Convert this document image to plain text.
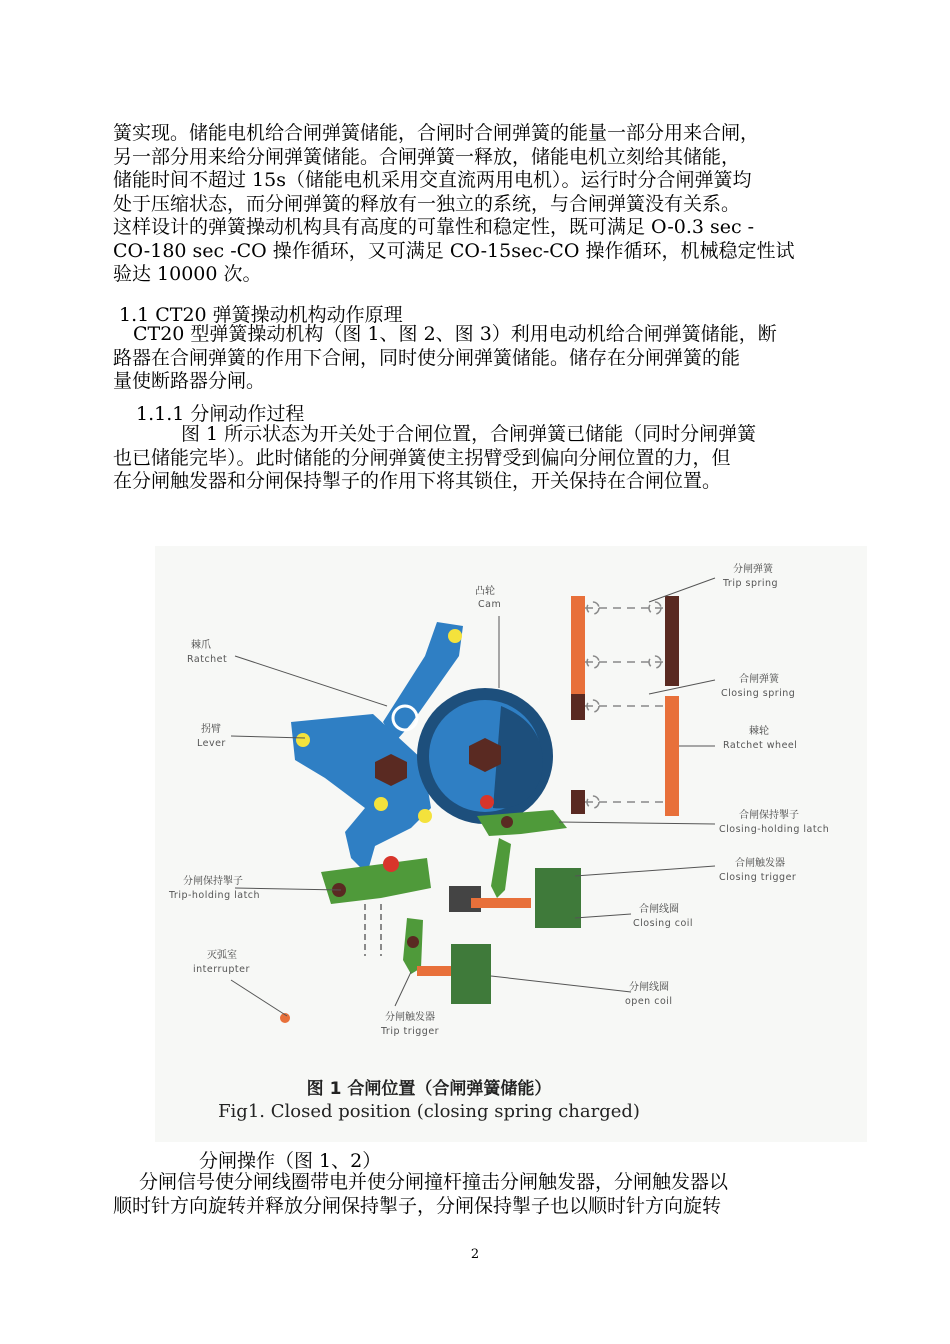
簧实现。储能电机给合闸弹簧储能，合闸时合闸弹簧的能量一部分用来合闸，

另一部分用来给分闸弹簧储能。合闸弹簧一释放，储能电机立刻给其储能，

储能时间不超过 15s（储能电机采用交直流两用电机）。运行时分合闸弹簧均

处于压缩状态，而分闸弹簧的释放有一独立的系统，与合闸弹簧没有关系。

这样设计的弹簧操动机构具有高度的可靠性和稳定性，既可满足 O-0.3 sec -

CO-180 sec -CO 操作循环，又可满足 CO-15sec-CO 操作循环，机械稳定性试

验达 10000 次。

1.1 CT20 弹簧操动机构动作原理

CT20 型弹簧操动机构（图 1、图 2、图 3）利用电动机给合闸弹簧储能，断

路器在合闸弹簧的作用下合闸，同时使分闸弹簧储能。储存在分闸弹簧的能

量使断路器分闸。

1.1.1 分闸动作过程

图 1 所示状态为开关处于合闸位置，合闸弹簧已储能（同时分闸弹簧

也已储能完毕）。此时储能的分闸弹簧使主拐臂受到偏向分闸位置的力，但

在分闸触发器和分闸保持掣子的作用下将其锁住，开关保持在合闸位置。

凸轮
Cam
分闸弹簧
Trip spring
棘爪
Ratchet
合闸弹簧
Closing spring
拐臂
Lever
棘轮
Ratchet wheel
合闸保持掣子
Closing-holding latch
合闸触发器
Closing trigger
分闸保持掣子
Trip-holding latch
合闸线圈
Closing coil
灭弧室
interrupter
分闸线圈
open coil
分闸触发器
Trip trigger
图 1 合闸位置（合闸弹簧储能）
Fig1. Closed position (closing spring charged)
分闸操作（图 1、2）

分闸信号使分闸线圈带电并使分闸撞杆撞击分闸触发器，分闸触发器以

顺时针方向旋转并释放分闸保持掣子，分闸保持掣子也以顺时针方向旋转

2
